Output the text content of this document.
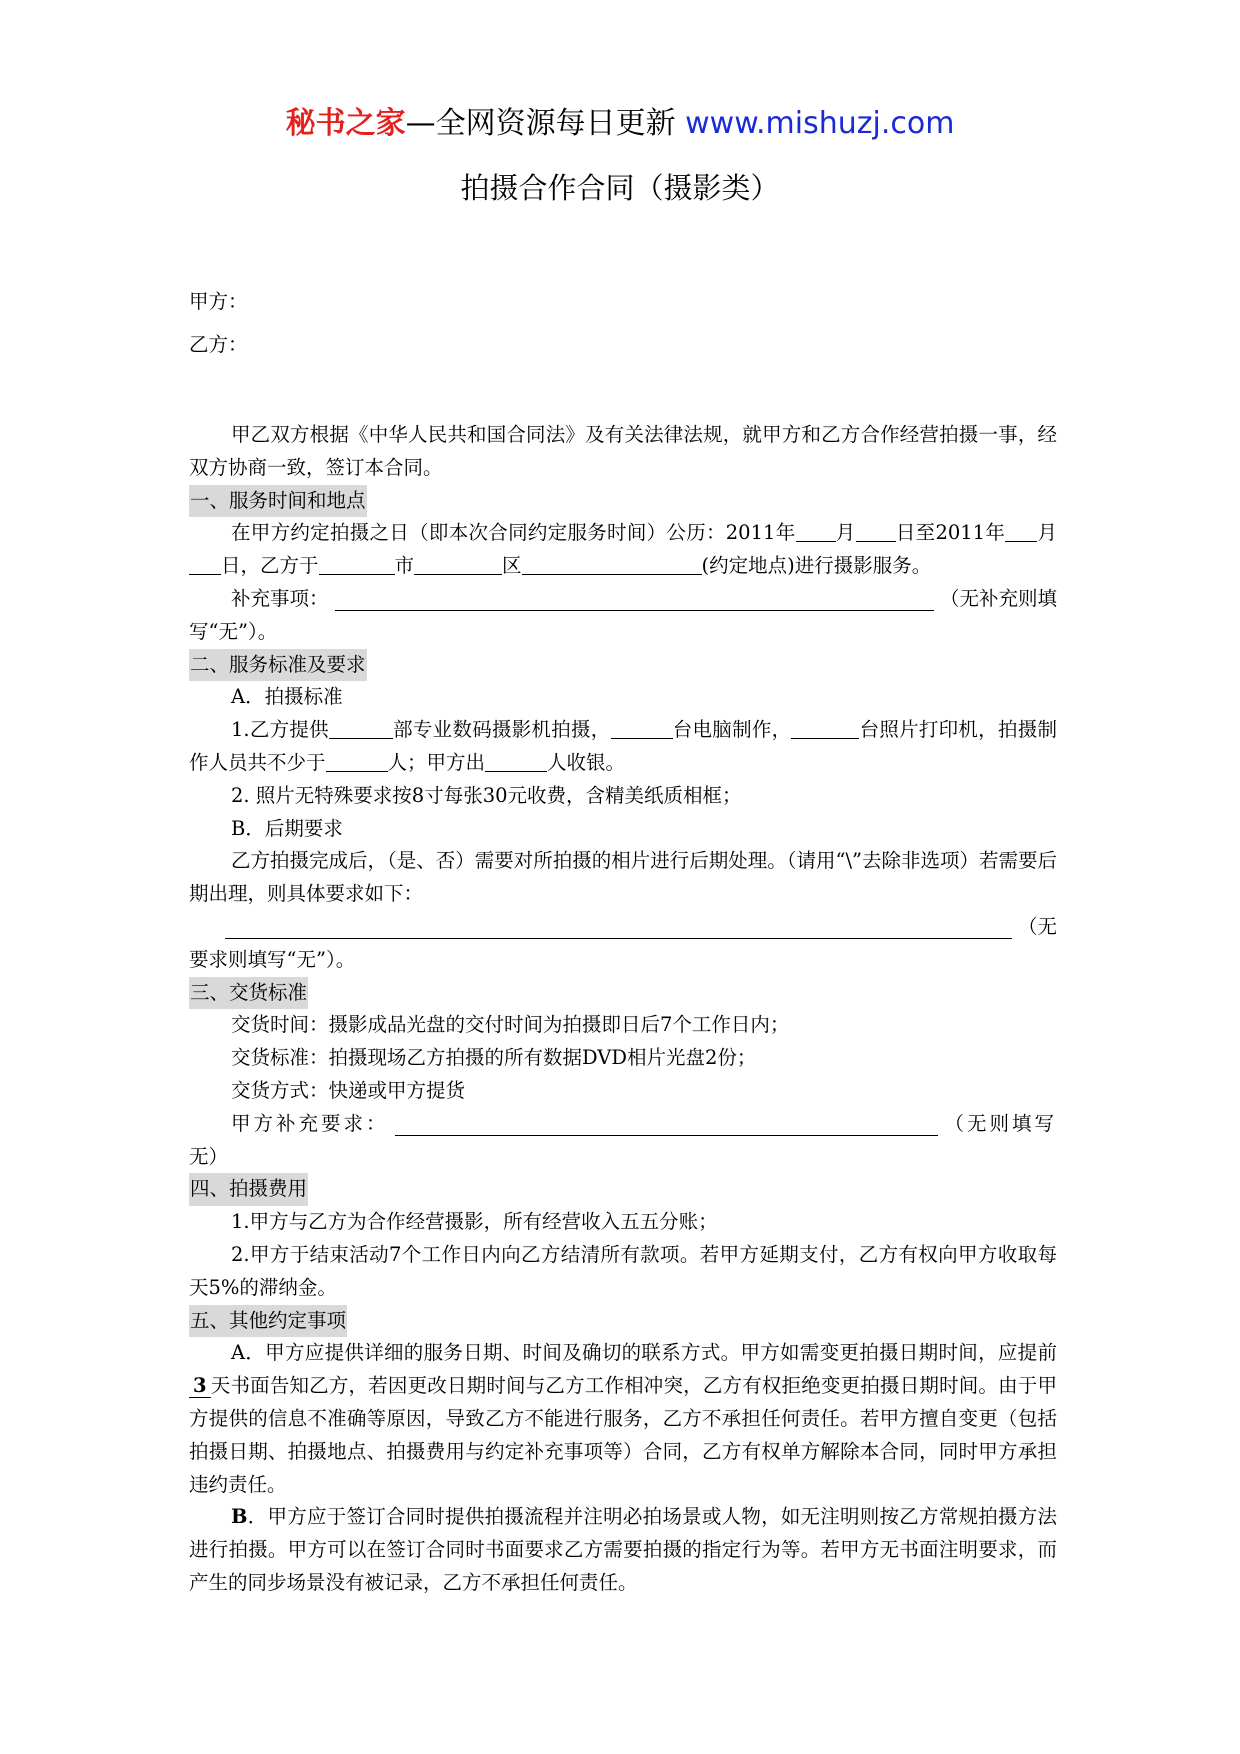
秘书之家—全网资源每日更新 www.mishuzj.com
拍摄合作合同（摄影类）

甲方：

乙方：

甲乙双方根据《中华人民共和国合同法》及有关法律法规，就甲方和乙方合作经营拍摄一事，经双方协商一致，签订本合同。

一、服务时间和地点

在甲方约定拍摄之日（即本次合同约定服务时间）公历：2011年 月 日至2011年 月日，乙方于	市	区	(约定地点)进行摄影服务。

补充事项：	（无补充则填

写“无”）。

二、服务标准及要求

A．拍摄标准

1.乙方提供	部专业数码摄影机拍摄，	台电脑制作，	台照片打印机，拍摄制作人员共不少于	人；甲方出	人收银。

2. 照片无特殊要求按8寸每张30元收费，含精美纸质相框；

B．后期要求

乙方拍摄完成后，（是、否）需要对所拍摄的相片进行后期处理。（请用“\”去除非选项）若需要后期出理，则具体要求如下：

（无

要求则填写“无”）。

三、交货标准

交货时间：摄影成品光盘的交付时间为拍摄即日后7个工作日内；

交货标准：拍摄现场乙方拍摄的所有数据DVD相片光盘2份；

交货方式：快递或甲方提货

甲方补充要求：	（无则填写

无）

四、拍摄费用

1.甲方与乙方为合作经营摄影，所有经营收入五五分账；

2.甲方于结束活动7个工作日内向乙方结清所有款项。若甲方延期支付，乙方有权向甲方收取每天5%的滞纳金。

五、其他约定事项

A．甲方应提供详细的服务日期、时间及确切的联系方式。甲方如需变更拍摄日期时间，应提前3 天书面告知乙方，若因更改日期时间与乙方工作相冲突，乙方有权拒绝变更拍摄日期时间。由于甲方提供的信息不准确等原因，导致乙方不能进行服务，乙方不承担任何责任。若甲方擅自变更（包括拍摄日期、拍摄地点、拍摄费用与约定补充事项等）合同，乙方有权单方解除本合同，同时甲方承担违约责任。

B．甲方应于签订合同时提供拍摄流程并注明必拍场景或人物，如无注明则按乙方常规拍摄方法进行拍摄。甲方可以在签订合同时书面要求乙方需要拍摄的指定行为等。若甲方无书面注明要求，而产生的同步场景没有被记录，乙方不承担任何责任。
